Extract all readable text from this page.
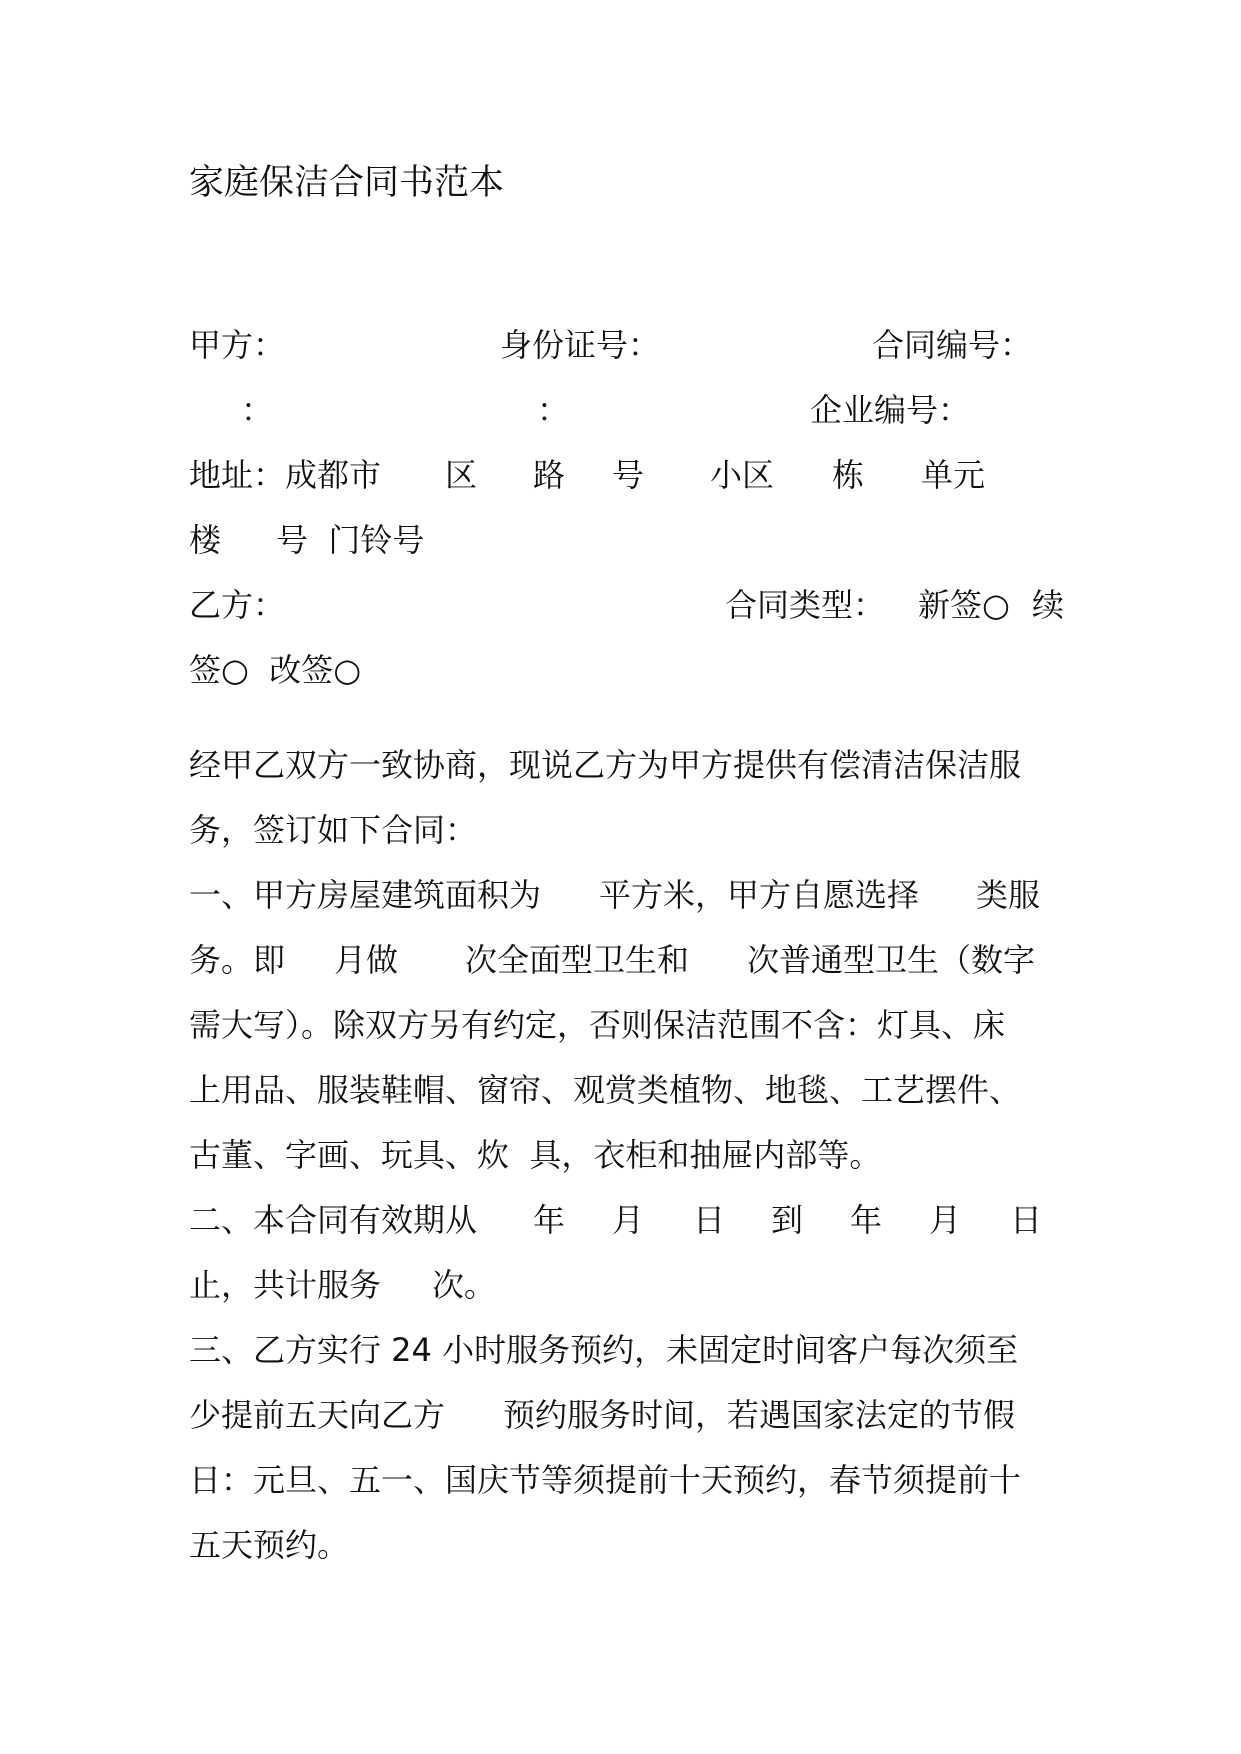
家庭保洁合同书范本

甲方：	身份证号：	合同编号：

：	：	企业编号：

地址：成都市 区 路 号 小区 栋 单元

楼 号  门铃号

乙方：	合同类型： 新签○ 续

签○  改签○

经甲乙双方一致协商，现说乙方为甲方提供有偿清洁保洁服

务，签订如下合同：

一、甲方房屋建筑面积为 平方米，甲方自愿选择 类服

务。即 月做 次全面型卫生和 次普通型卫生（数字

需大写）。除双方另有约定，否则保洁范围不含：灯具、床

上用品、服装鞋帽、窗帘、观赏类植物、地毯、工艺摆件、

古董、字画、玩具、炊  具，衣柜和抽屉内部等。

二、本合同有效期从 年 月 日 到 年 月 日

止，共计服务 次。

三、乙方实行 24 小时服务预约，未固定时间客户每次须至

少提前五天向乙方 预约服务时间，若遇国家法定的节假

日：元旦、五一、国庆节等须提前十天预约，春节须提前十

五天预约。
